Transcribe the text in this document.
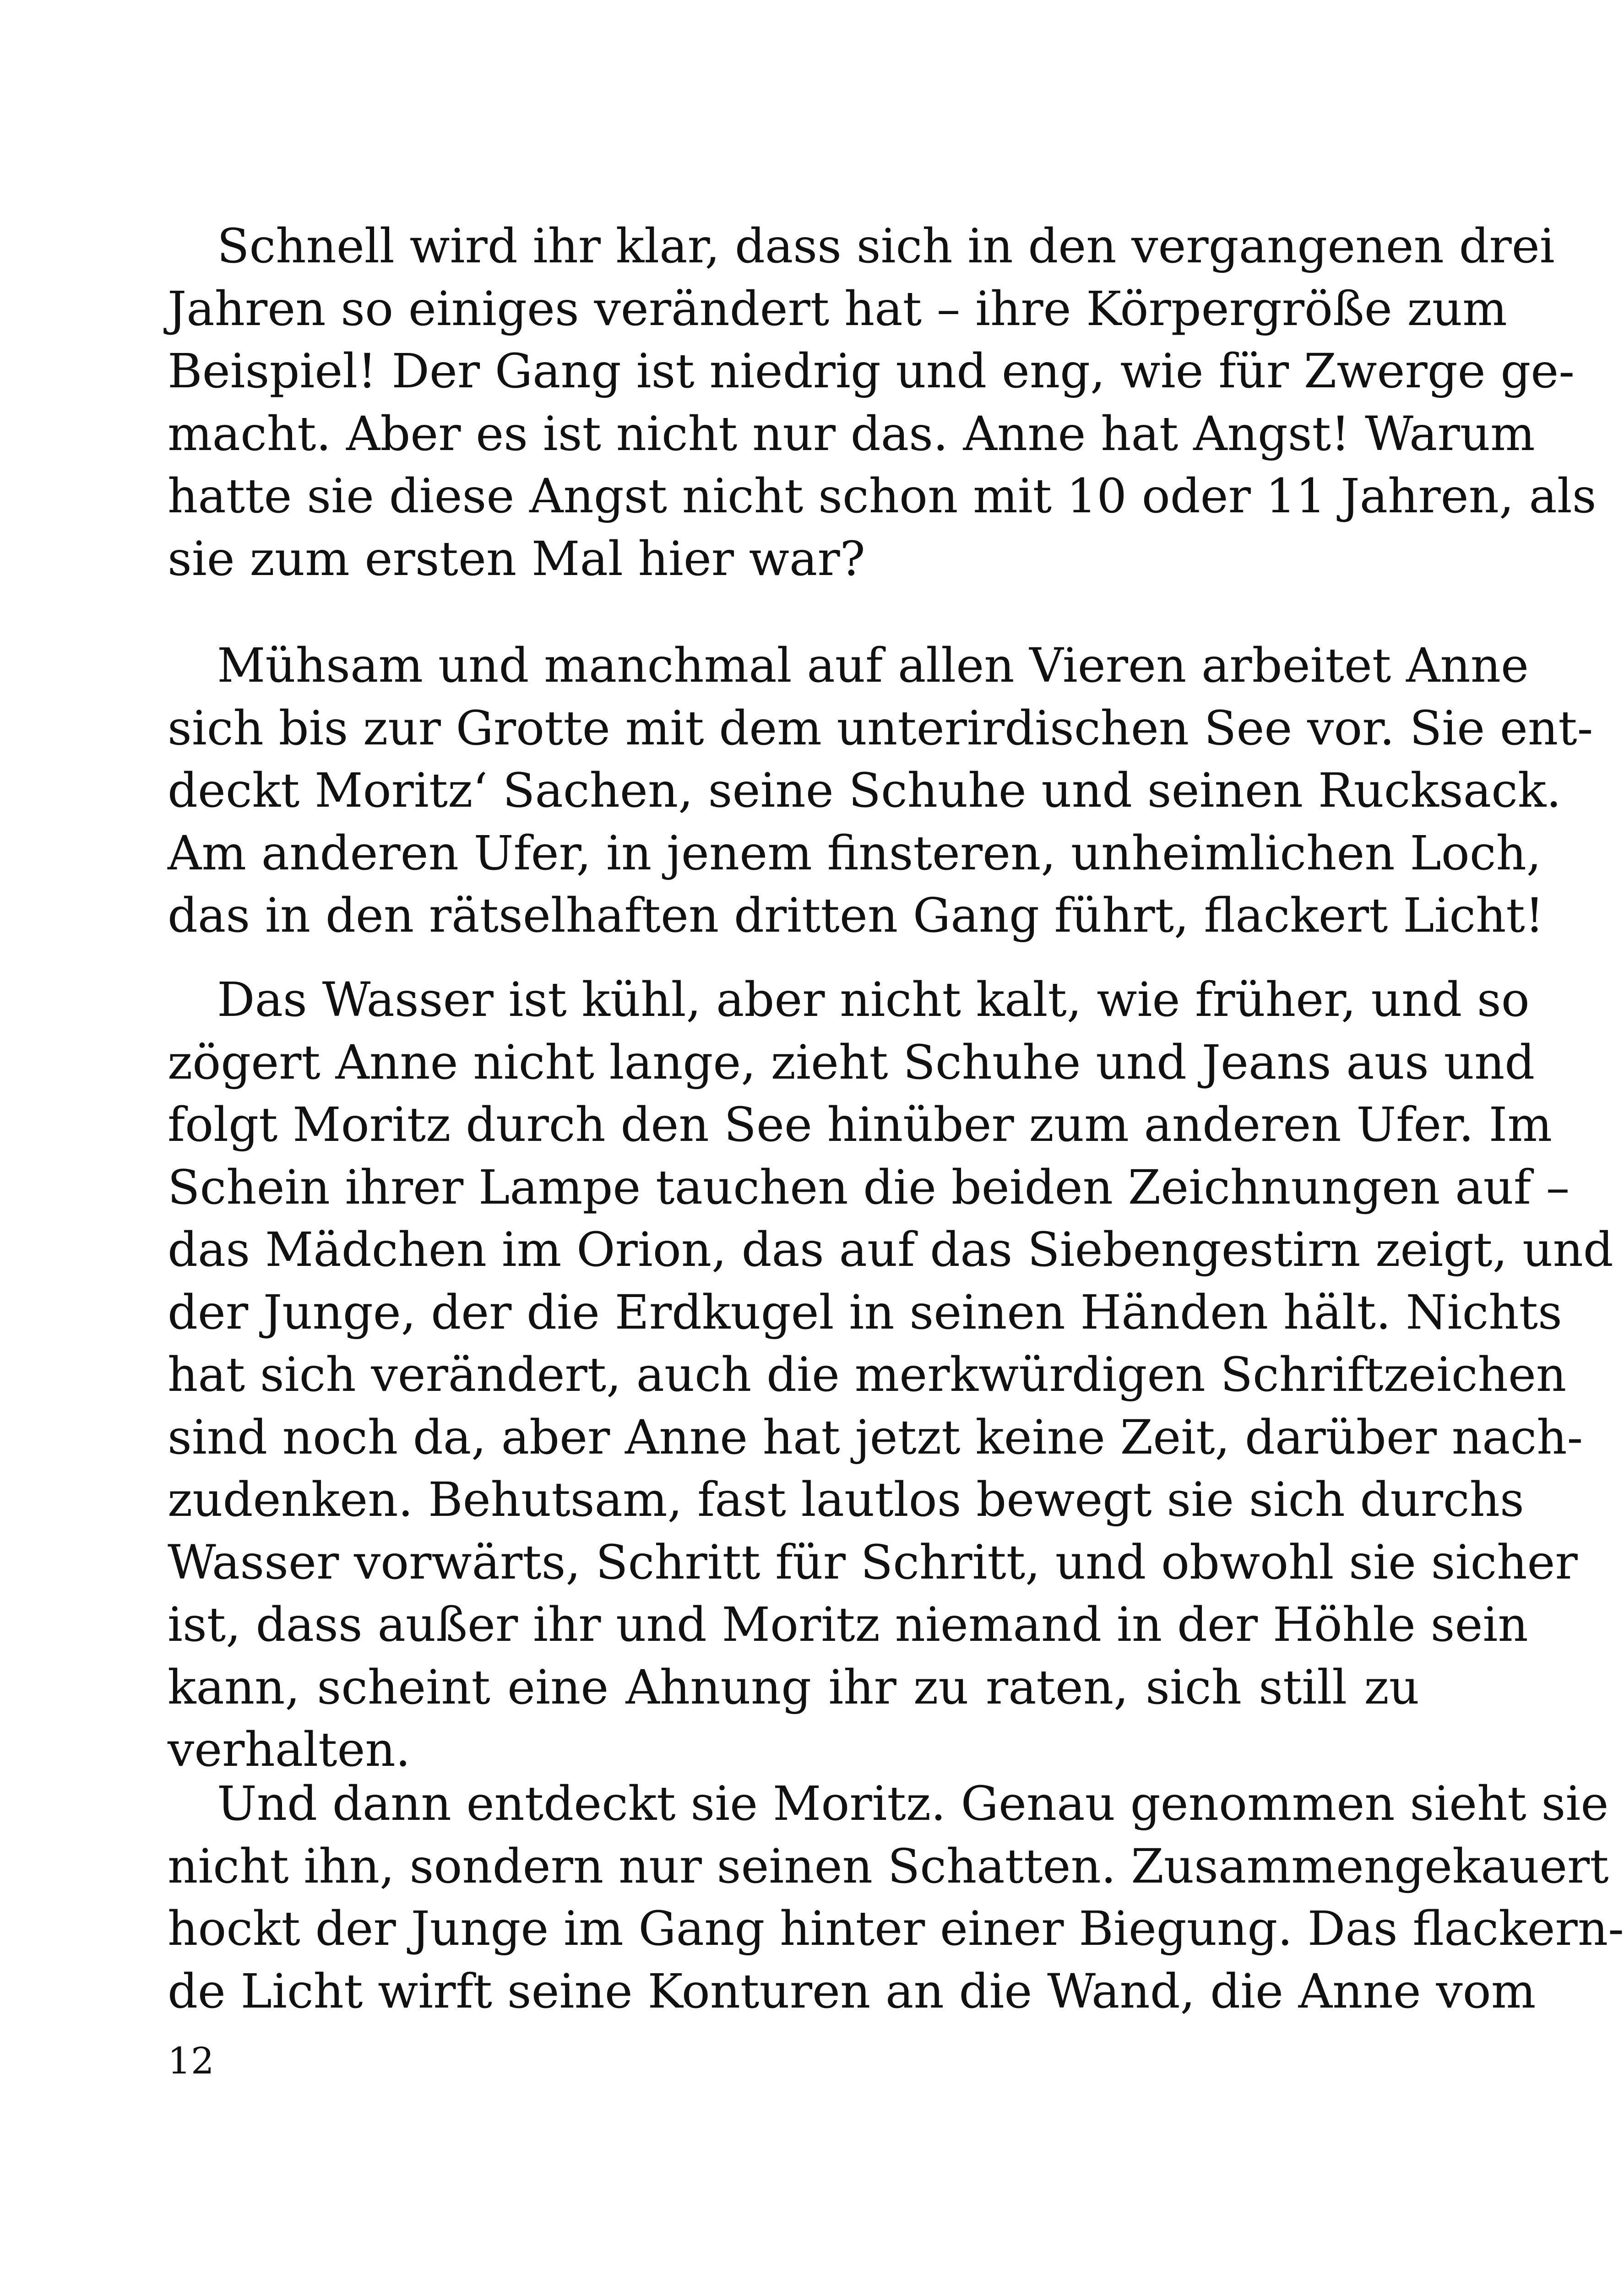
Schnell wird ihr klar, dass sich in den vergangenen drei
Jahren so einiges verändert hat – ihre Körpergröße zum
Beispiel! Der Gang ist niedrig und eng, wie für Zwerge ge-
macht. Aber es ist nicht nur das. Anne hat Angst! Warum
hatte sie diese Angst nicht schon mit 10 oder 11 Jahren, als
sie zum ersten Mal hier war?
Mühsam und manchmal auf allen Vieren arbeitet Anne
sich bis zur Grotte mit dem unterirdischen See vor. Sie ent-
deckt Moritz‘ Sachen, seine Schuhe und seinen Rucksack.
Am anderen Ufer, in jenem finsteren, unheimlichen Loch,
das in den rätselhaften dritten Gang führt, flackert Licht!
Das Wasser ist kühl, aber nicht kalt, wie früher, und so
zögert Anne nicht lange, zieht Schuhe und Jeans aus und
folgt Moritz durch den See hinüber zum anderen Ufer. Im
Schein ihrer Lampe tauchen die beiden Zeichnungen auf –
das Mädchen im Orion, das auf das Siebengestirn zeigt, und
der Junge, der die Erdkugel in seinen Händen hält. Nichts
hat sich verändert, auch die merkwürdigen Schriftzeichen
sind noch da, aber Anne hat jetzt keine Zeit, darüber nach-
zudenken. Behutsam, fast lautlos bewegt sie sich durchs
Wasser vorwärts, Schritt für Schritt, und obwohl sie sicher
ist, dass außer ihr und Moritz niemand in der Höhle sein
kann, scheint eine Ahnung ihr zu raten, sich still zu
verhalten.
Und dann entdeckt sie Moritz. Genau genommen sieht sie
nicht ihn, sondern nur seinen Schatten. Zusammengekauert
hockt der Junge im Gang hinter einer Biegung. Das flackern-
de Licht wirft seine Konturen an die Wand, die Anne vom
12
